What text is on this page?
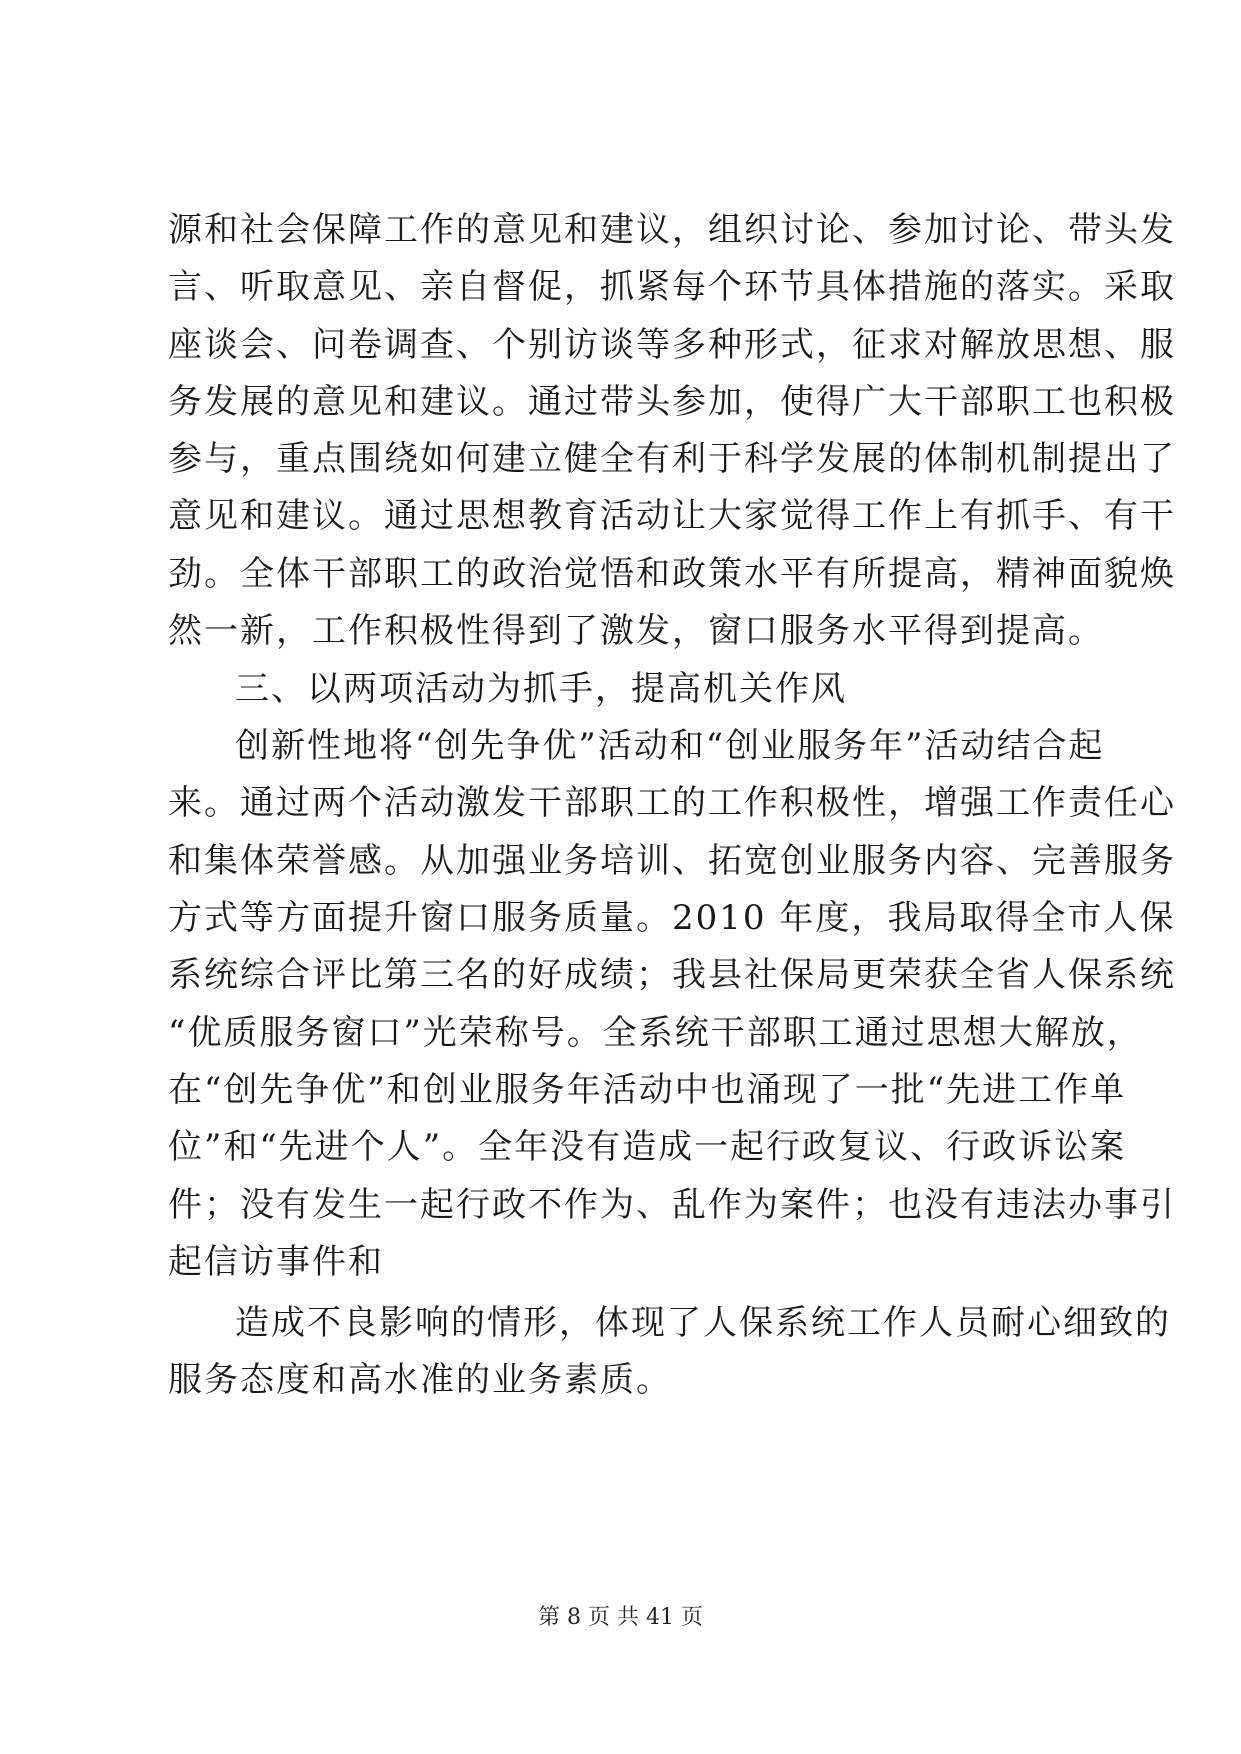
源和社会保障工作的意见和建议，组织讨论、参加讨论、带头发
言、听取意见、亲自督促，抓紧每个环节具体措施的落实。采取
座谈会、问卷调查、个别访谈等多种形式，征求对解放思想、服
务发展的意见和建议。通过带头参加，使得广大干部职工也积极
参与，重点围绕如何建立健全有利于科学发展的体制机制提出了
意见和建议。通过思想教育活动让大家觉得工作上有抓手、有干
劲。全体干部职工的政治觉悟和政策水平有所提高，精神面貌焕
然一新，工作积极性得到了激发，窗口服务水平得到提高。
三、以两项活动为抓手，提高机关作风
创新性地将“创先争优”活动和“创业服务年”活动结合起
来。通过两个活动激发干部职工的工作积极性，增强工作责任心
和集体荣誉感。从加强业务培训、拓宽创业服务内容、完善服务
方式等方面提升窗口服务质量。2010 年度，我局取得全市人保
系统综合评比第三名的好成绩；我县社保局更荣获全省人保系统
“优质服务窗口”光荣称号。全系统干部职工通过思想大解放，
在“创先争优”和创业服务年活动中也涌现了一批“先进工作单
位”和“先进个人”。全年没有造成一起行政复议、行政诉讼案
件；没有发生一起行政不作为、乱作为案件；也没有违法办事引
起信访事件和
造成不良影响的情形，体现了人保系统工作人员耐心细致的
服务态度和高水准的业务素质。
第 8 页 共 41 页
